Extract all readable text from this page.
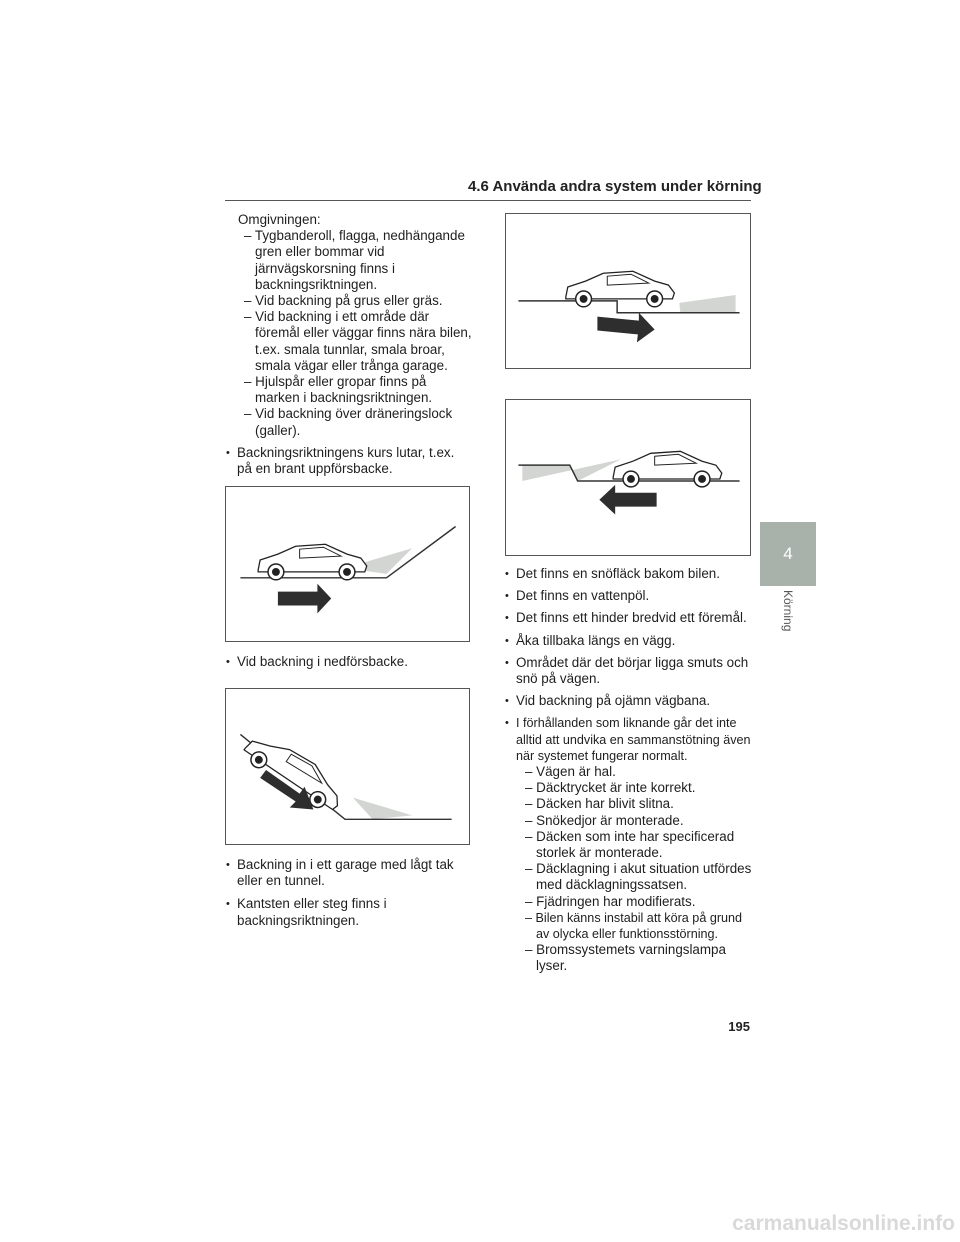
4.6 Använda andra system under körning

Omgivningen:

– Tygbanderoll, flagga, nedhängande gren eller bommar vid järnvägskorsning finns i backningsriktningen.

– Vid backning på grus eller gräs.

– Vid backning i ett område där föremål eller väggar finns nära bilen, t.ex. smala tunnlar, smala broar, smala vägar eller trånga garage.

– Hjulspår eller gropar finns på marken i backningsriktningen.

– Vid backning över dräneringslock (galler).

• Backningsriktningens kurs lutar, t.ex. på en brant uppförsbacke.

• Vid backning i nedförsbacke.

• Backning in i ett garage med lågt tak eller en tunnel.

• Kantsten eller steg finns i backningsriktningen.

• Det finns en snöfläck bakom bilen.

• Det finns en vattenpöl.

• Det finns ett hinder bredvid ett föremål.

• Åka tillbaka längs en vägg.

• Området där det börjar ligga smuts och snö på vägen.

• Vid backning på ojämn vägbana.

• I förhållanden som liknande går det inte alltid att undvika en sammanstötning även när systemet fungerar normalt.

– Vägen är hal.

– Däcktrycket är inte korrekt.

– Däcken har blivit slitna.

– Snökedjor är monterade.

– Däcken som inte har specificerad storlek är monterade.

– Däcklagning i akut situation utfördes med däcklagningssatsen.

– Fjädringen har modifierats.

– Bilen känns instabil att köra på grund av olycka eller funktionsstörning.

– Bromssystemets varningslampa lyser.

4
Körning
195
carmanualsonline.info
